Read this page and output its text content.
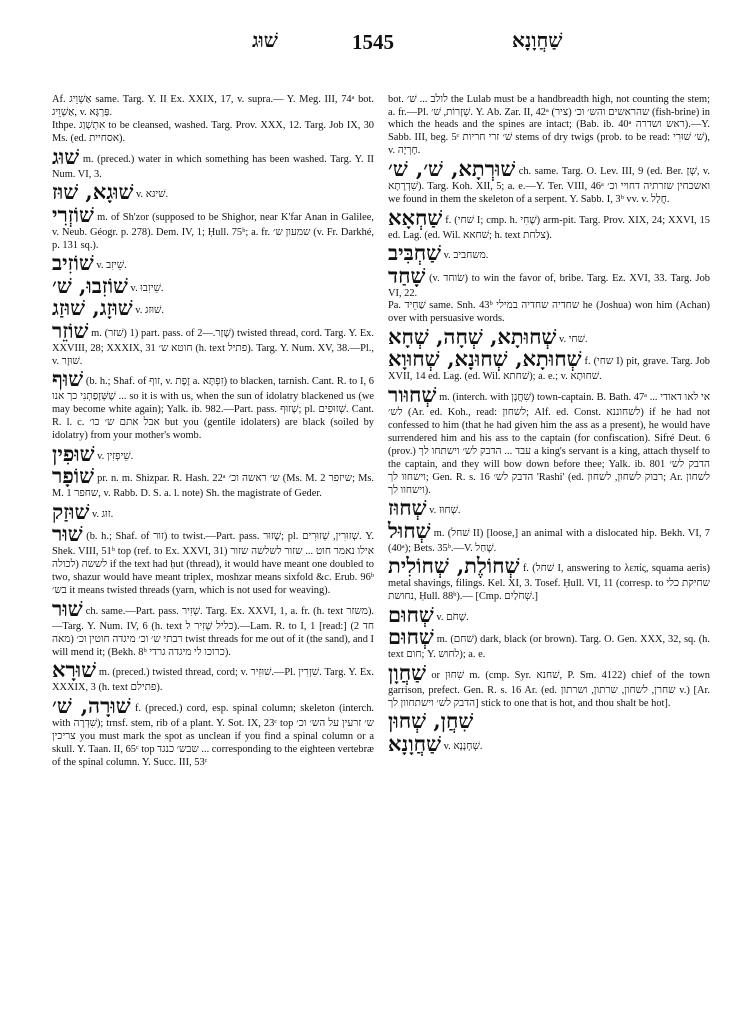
שׁוּג	1545	שַׁחֲוָנָא

Af. אַשְׁוֵיג same. Targ. Y. II Ex. XXIX, 17, v. supra.— Y. Meg. III, 74ᵃ bot. אַשְׁוֵיג, v. פַּרְגָּא.

Ithpe. אִתְשְׁוַג to be cleansed, washed. Targ. Prov. XXX, 12. Targ. Job IX, 30 Ms. (ed. אסחיית).

שׁוּג m. (preced.) water in which something has been washed. Targ. Y. II Num. VI, 3.

שׁוּגָא, שׁוּז v. שׁיגּא.

שׁוֹזְרִי m. of Sh'zor (supposed to be Shighor, near K'far Anan in Galilee, v. Neub. Géogr. p. 278). Dem. IV, 1; Ḥull. 75ᵇ; a. fr. שמעון ש׳ (v. Fr. Darkhé, p. 131 sq.).

שׁוֹזִיב v. שֵׁיזִב.

שׁוֹזִבוּ, שׁ׳ v. שֵׁיזִבוּ.

שׁוּזָג, שׁוּזַג v. שׁוּזג.

שׁוֹזֵר m. (שׁזר) 1) part. pass. of שָׁזַר.—2) twisted thread, cord. Targ. Y. Ex. XXVIII, 28; XXXIX, 31 חוטא ש׳ (h. text פתיל). Targ. Y. Num. XV, 38.—Pl., v. שׁוּזָר.

שׁוּף (b. h.; Shaf. of זוף, v. זֶפֶת a. זִפְתָּא) to blacken, tarnish. Cant. R. to I, 6 שֶׁשְּׁזָפַתְנִי כך אנו ... so it is with us, when the sun of idolatry blackened us (we may become white again); Yalk. ib. 982.—Part. pass. שָׁזוּף; pl. שְׁזוּפִים. Cant. R. l. c. אבל אתם ש׳ כו׳ but you (gentile idolaters) are black (soiled by idolatry) from your mother's womb.

שׁוּפִין v. שֵׁיפְזִין.

שׁוֹפָר pr. n. m. Shizpar. R. Hash. 22ᵃ ש׳ ראשה וכ׳ (Ms. M. 2 שיזפר; Ms. M. 1 שחפר, v. Rabb. D. S. a. l. note) Sh. the magistrate of Geder.

שׁוּזַק v. זוּג.

שׁוּר (b. h.; Shaf. of זור) to twist.—Part. pass. שָׁזוּר; pl. שְׁזוּרִין, שְׁזוּרִים. Y. Shek. VIII, 51ᵇ top (ref. to Ex. XXVI, 31) אילו נאמר חוט ... שזור לשלשה שזור לששה (לכולה if the text had ḥut (thread), it would have meant one doubled to two, shazur would have meant triplex, moshzar means sixfold &c. Erub. 96ᵇ בש׳ it means twisted threads (yarn, which is not used for weaving).

שׁוּר ch. same.—Part. pass. שְׁזִיר. Targ. Ex. XXVI, 1, a. fr. (h. text משזר).—Targ. Y. Num. IV, 6 (h. text כליל שְׁזִיר ל).—Lam. R. to I, 1 [read:] (2 חד מאה) רבתי ש׳ וכ׳ מיגדה חוטין וכ׳ twist threads for me out of it (the sand), and I will mend it; (Bekh. 8ᵇ כרוכו לי מיגדה גרדי).

שׁוּרָא m. (preced.) twisted thread, cord; v. שׁוּזִיר.—Pl. שִׁזְרִין. Targ. Y. Ex. XXXIX, 3 (h. text פתילם).

שׁוּרָה, שׁ׳ f. (preced.) cord, esp. spinal column; skeleton (interch. with שִׁדְרָה); trnsf. stem, rib of a plant. Y. Sot. IX, 23ᶜ top ש׳ זרעין על הש׳ וכ׳ צריכין you must mark the spot as unclean if you find a spinal column or a skull. Y. Taan. II, 65ᶜ top שבש׳ כנגד ... corresponding to the eighteen vertebræ of the spinal column. Y. Succ. III, 53ᶜ

bot. לולב ... שׁ׳ the Lulab must be a handbreadth high, not counting the stem; a. fr.—Pl. שְׁזָרוֹת, שׁ׳. Y. Ab. Zar. II, 42ᵃ (ציר) שהראשים והש׳ וכ׳ (fish-brine) in which the heads and the spines are intact; (Bab. ib. 40ᵃ ראש ושדרה).—Y. Sabb. III, beg. 5ᶜ שׁ׳ זרי חריות stems of dry twigs (prob. to be read: שׁ׳ שׁוּרִי), v. חָרְיָה.

שׁוּרְתָא, שׁ׳, שׁ׳ ch. same. Targ. O. Lev. III, 9 (ed. Ber. שְׁזָ, v. שִׁדְרָתָא). Targ. Koh. XII, 5; a. e.—Y. Ter. VIII, 46ᵃ ואשכחין שזרתיה דחויי וכ׳ we found in them the skeleton of a serpent. Y. Sabb. I, 3ᵇ vv. v. חֲלַל.

שַׁחְאָא f. (שׁחי I; cmp. h. שֶׁחִי) arm-pit. Targ. Prov. XIX, 24; XXVI, 15 ed. Lag. (ed. Wil. שׁחאא; h. text צלחת).

שַׁחְבִּיב v. משחביב.

שָׁחַד (v. שׂוחד) to win the favor of, bribe. Targ. Ez. XVI, 33. Targ. Job VI, 22.

Pa. שַׁחֵיד same. Snh. 43ᵇ שחדיה שחדיה במילי he (Joshua) won him (Achan) over with persuasive words.

שְׁחוּתָא, שְׁחָה, שְׁחָא v. שׁחי.

שְׁחוּתָא, שְׁחוּנָא, שְׁחוּוָא f. (שחי I) pit, grave. Targ. Job XVII, 14 ed. Lag. (ed. Wil. שׁחתא); a. e.; v. שׁחוּתָא.

שְׁחוּור m. (interch. with שִׁחֲנָן) town-captain. B. Bath. 47ᵃ אי לאו דאודי ... לש׳ (Ar. ed. Koh., read: לשחון; Alf. ed. Const. לשחוננא) if he had not confessed to him (that he had given him the ass as a present), he would have surrendered him and his ass to the captain (for confiscation). Sifré Deut. 6 (prov.) עבד ... הדבק לש׳ וישתחו לך a king's servant is a king, attach thyself to the captain, and they will bow down before thee; Yalk. ib. 801 הדבק לש׳ וישחוו לך; Gen. R. s. 16 הדבק לש׳ 'Rashi' (ed. רבוק לשחון, לשחון; Ar. לשחון וישחוו לך).

שְׁחוּז v. שְׁחוּז.

שְׁחוּל m. (שׁחל II) [loose,] an animal with a dislocated hip. Bekh. VI, 7 (40ᵃ); Bets. 35ᵇ.—V. שָׁחַל.

שְׁחוֹלֶת, שְׁחוֹלִית f. (שׁחל I, answering to λεπίς, squama aeris) metal shavings, filings. Kel. XI, 3. Tosef. Ḥull. VI, 11 (corresp. to שחיקת כלי נחושת, Ḥull. 88ᵇ).— [Cmp. שְׁחֹלַיִם.]

שְׁחוּם v. שָׁחֹם.

שְׁחוּם m. (שׁחם) dark, black (or brown). Targ. O. Gen. XXX, 32, sq. (h. text חום; Y. לחוש); a. e.

שַׁחֲוָן or שִׁחוּן m. (cmp. Syr. שׁחנא, P. Sm. 4122) chief of the town garrison, prefect. Gen. R. s. 16 Ar. (ed. שחרן, לשחון, שרתון, ושרתון v.) [Ar. הדבק לש׳ וישתחוון לך] stick to one that is hot, and thou shalt be hot].

שִׁחֲן, שְׁחוּן

שַׁחֲוָנָא v. שְׁחָנָנָא.
